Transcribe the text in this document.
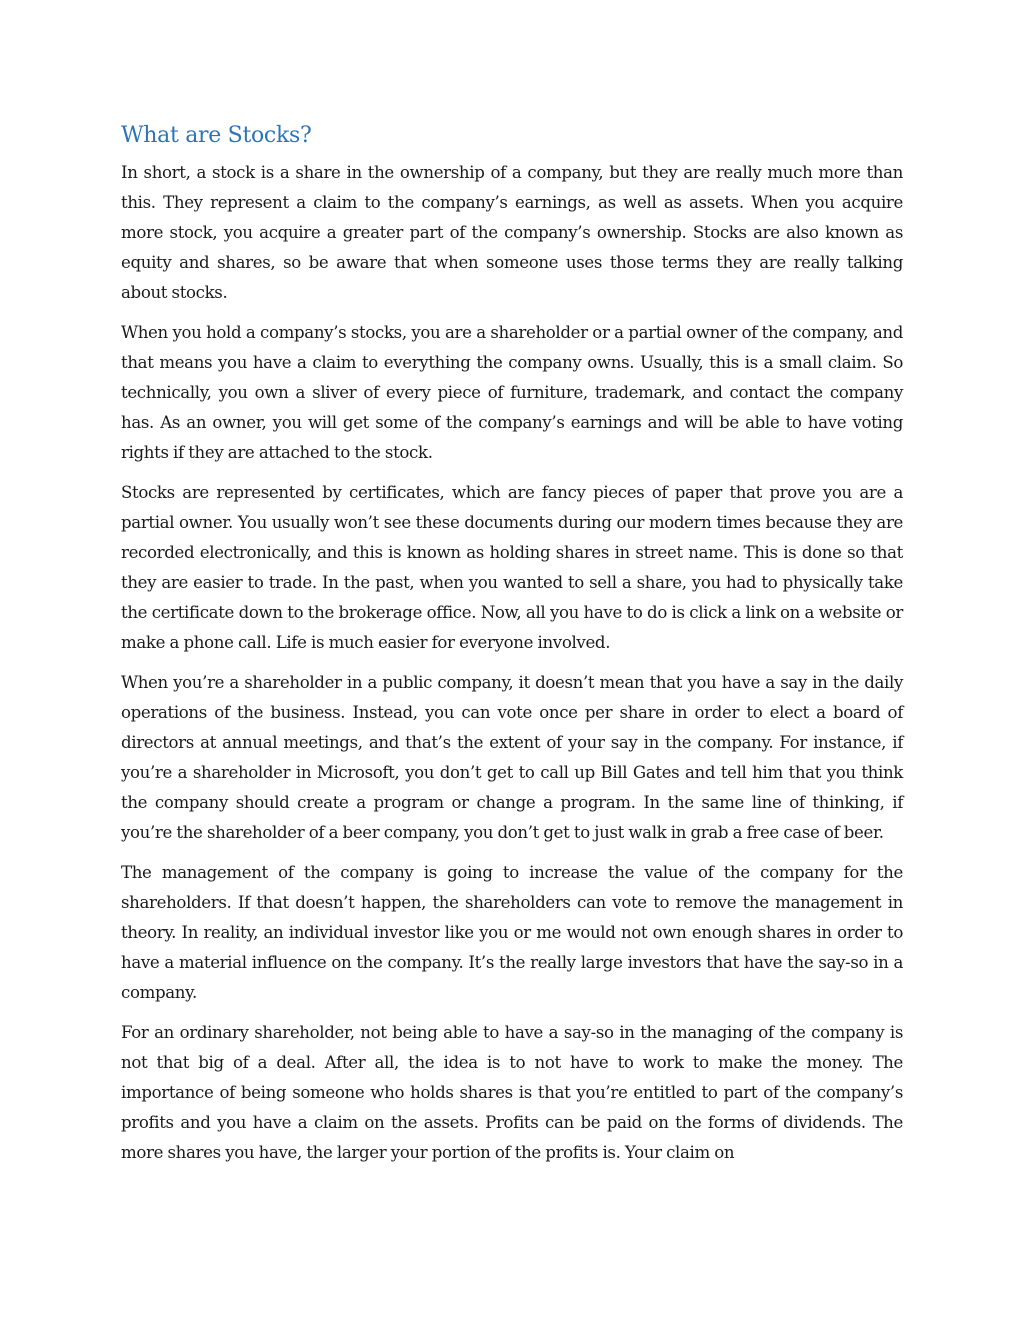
What are Stocks?

In short, a stock is a share in the ownership of a company, but they are really much more than this. They represent a claim to the company’s earnings, as well as assets. When you acquire more stock, you acquire a greater part of the company’s ownership. Stocks are also known as equity and shares, so be aware that when someone uses those terms they are really talking about stocks.

When you hold a company’s stocks, you are a shareholder or a partial owner of the company, and that means you have a claim to everything the company owns. Usually, this is a small claim. So technically, you own a sliver of every piece of furniture, trademark, and contact the company has. As an owner, you will get some of the company’s earnings and will be able to have voting rights if they are attached to the stock.

Stocks are represented by certificates, which are fancy pieces of paper that prove you are a partial owner. You usually won’t see these documents during our modern times because they are recorded electronically, and this is known as holding shares in street name. This is done so that they are easier to trade. In the past, when you wanted to sell a share, you had to physically take the certificate down to the brokerage office. Now, all you have to do is click a link on a website or make a phone call. Life is much easier for everyone involved.

When you’re a shareholder in a public company, it doesn’t mean that you have a say in the daily operations of the business. Instead, you can vote once per share in order to elect a board of directors at annual meetings, and that’s the extent of your say in the company. For instance, if you’re a shareholder in Microsoft, you don’t get to call up Bill Gates and tell him that you think the company should create a program or change a program. In the same line of thinking, if you’re the shareholder of a beer company, you don’t get to just walk in grab a free case of beer.

The management of the company is going to increase the value of the company for the shareholders. If that doesn’t happen, the shareholders can vote to remove the management in theory. In reality, an individual investor like you or me would not own enough shares in order to have a material influence on the company. It’s the really large investors that have the say-so in a company.

For an ordinary shareholder, not being able to have a say-so in the managing of the company is not that big of a deal. After all, the idea is to not have to work to make the money. The importance of being someone who holds shares is that you’re entitled to part of the company’s profits and you have a claim on the assets. Profits can be paid on the forms of dividends. The more shares you have, the larger your portion of the profits is. Your claim on
